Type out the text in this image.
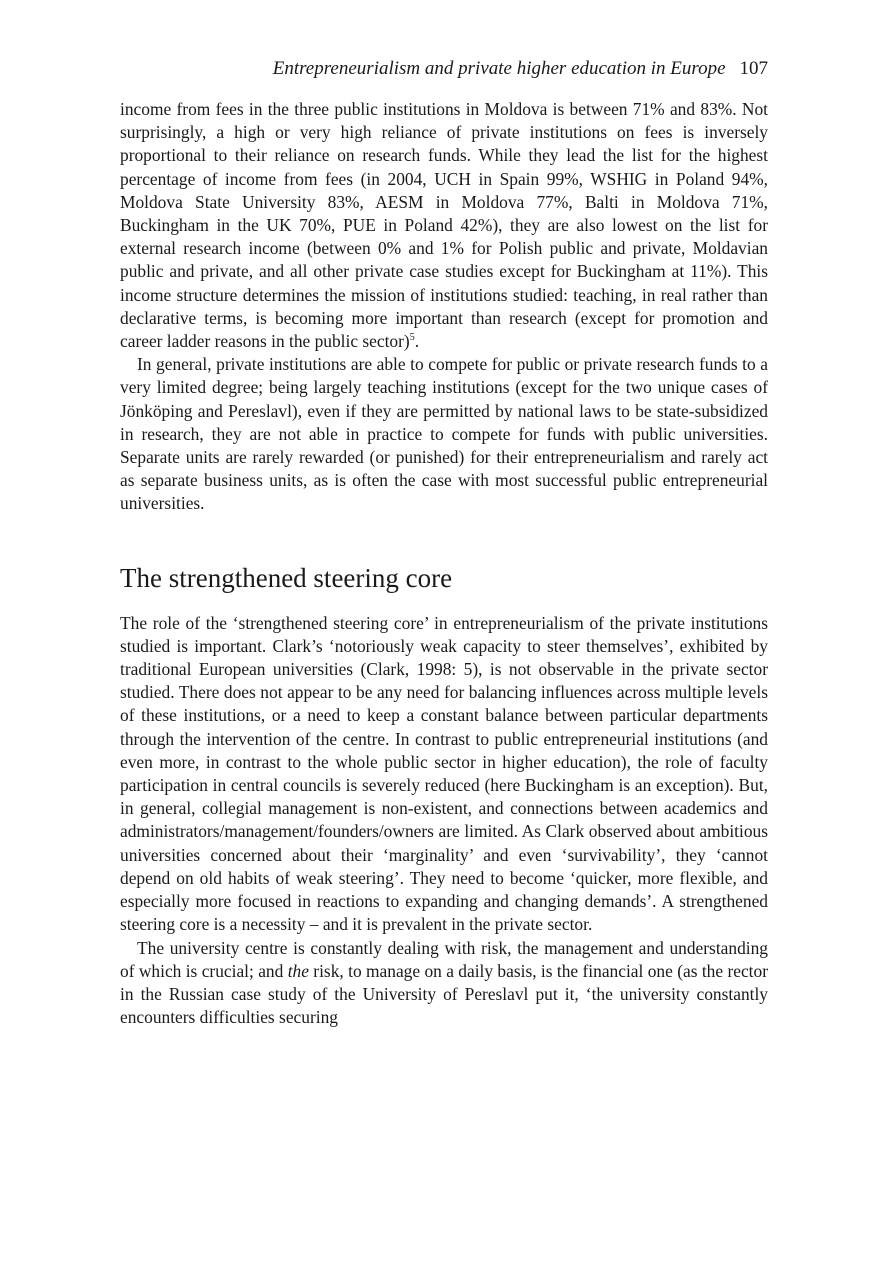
Entrepreneurialism and private higher education in Europe 107

income from fees in the three public institutions in Moldova is between 71% and 83%. Not surprisingly, a high or very high reliance of private institutions on fees is inversely proportional to their reliance on research funds. While they lead the list for the highest percentage of income from fees (in 2004, UCH in Spain 99%, WSHIG in Poland 94%, Moldova State University 83%, AESM in Moldova 77%, Balti in Moldova 71%, Buckingham in the UK 70%, PUE in Poland 42%), they are also lowest on the list for external research income (between 0% and 1% for Polish public and private, Moldavian public and private, and all other private case studies except for Buckingham at 11%). This income structure determines the mission of institutions studied: teaching, in real rather than declarative terms, is becoming more important than research (except for promotion and career ladder reasons in the public sector)$^5$.

In general, private institutions are able to compete for public or private research funds to a very limited degree; being largely teaching institutions (except for the two unique cases of Jönköping and Pereslavl), even if they are permitted by national laws to be state-subsidized in research, they are not able in practice to compete for funds with public universities. Separate units are rarely rewarded (or punished) for their entrepreneurialism and rarely act as separate business units, as is often the case with most successful public entrepreneurial universities.

The strengthened steering core

The role of the ‘strengthened steering core’ in entrepreneurialism of the private institutions studied is important. Clark’s ‘notoriously weak capacity to steer themselves’, exhibited by traditional European universities (Clark, 1998: 5), is not observable in the private sector studied. There does not appear to be any need for balancing influences across multiple levels of these institutions, or a need to keep a constant balance between particular departments through the intervention of the centre. In contrast to public entrepreneurial institutions (and even more, in contrast to the whole public sector in higher education), the role of faculty participation in central councils is severely reduced (here Buckingham is an exception). But, in general, collegial management is non-existent, and connections between academics and administrators/management/founders/owners are limited. As Clark observed about ambitious universities concerned about their ‘marginality’ and even ‘survivability’, they ‘cannot depend on old habits of weak steering’. They need to become ‘quicker, more flexible, and especially more focused in reactions to expanding and changing demands’. A strengthened steering core is a necessity – and it is prevalent in the private sector.

The university centre is constantly dealing with risk, the management and understanding of which is crucial; and the risk, to manage on a daily basis, is the financial one (as the rector in the Russian case study of the University of Pereslavl put it, ‘the university constantly encounters difficulties securing
